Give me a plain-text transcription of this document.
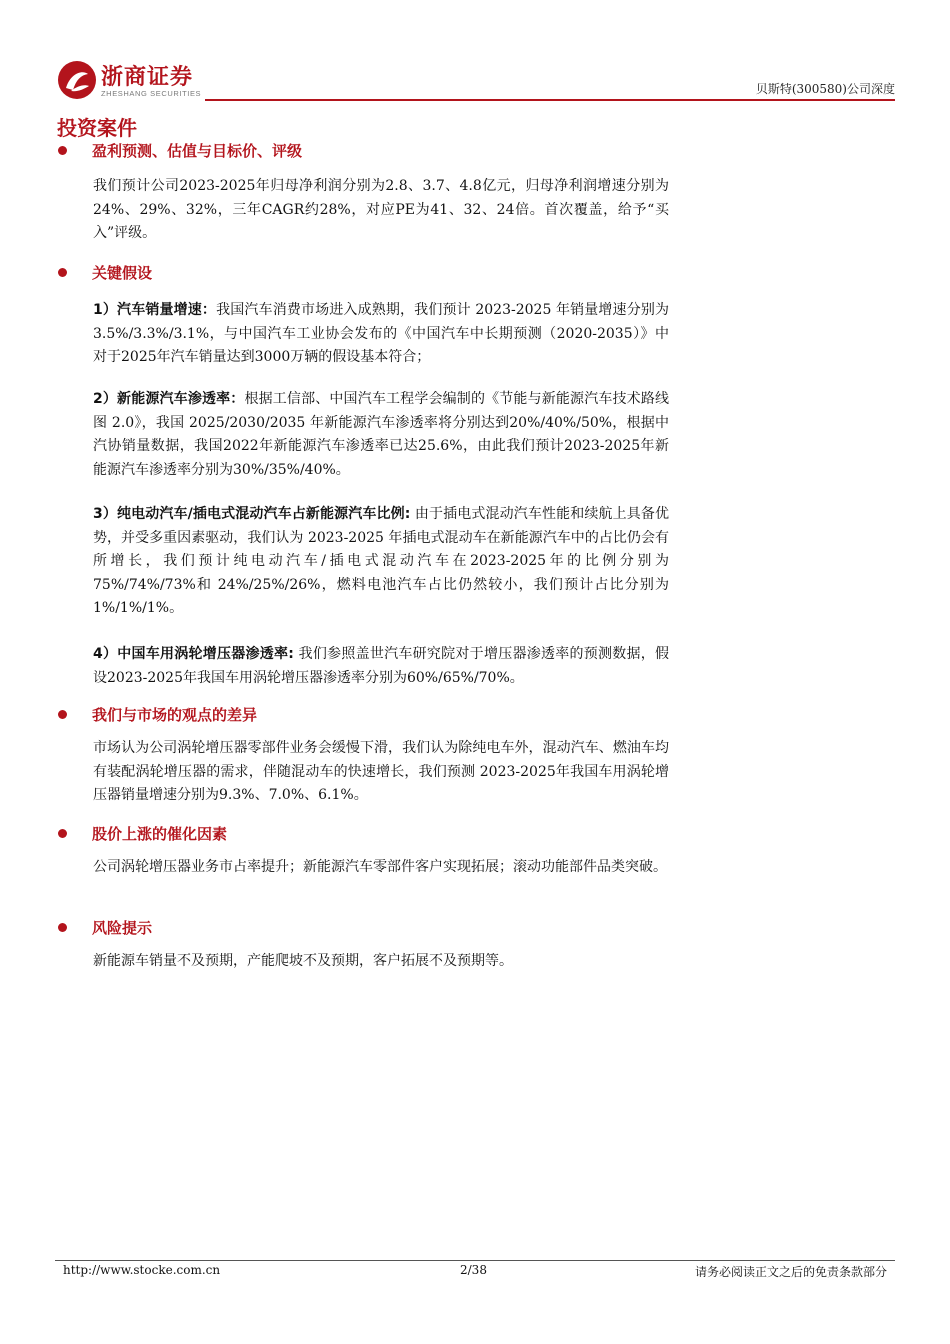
浙商证券
ZHESHANG SECURITIES	贝斯特(300580)公司深度
投资案件
盈利预测、估值与目标价、评级
我们预计公司2023-2025年归母净利润分别为2.8、3.7、4.8亿元，归母净利润增速分别为24%、29%、32%，三年CAGR约28%，对应PE为41、32、24倍。首次覆盖，给予“买入”评级。
关键假设
1）汽车销量增速：我国汽车消费市场进入成熟期，我们预计 2023-2025 年销量增速分别为 3.5%/3.3%/3.1%，与中国汽车工业协会发布的《中国汽车中长期预测（2020-2035）》中对于2025年汽车销量达到3000万辆的假设基本符合；
2）新能源汽车渗透率：根据工信部、中国汽车工程学会编制的《节能与新能源汽车技术路线图 2.0》，我国 2025/2030/2035 年新能源汽车渗透率将分别达到20%/40%/50%，根据中汽协销量数据，我国2022年新能源汽车渗透率已达25.6%，由此我们预计2023-2025年新能源汽车渗透率分别为30%/35%/40%。
3）纯电动汽车/插电式混动汽车占新能源汽车比例: 由于插电式混动汽车性能和续航上具备优势，并受多重因素驱动，我们认为 2023-2025 年插电式混动车在新能源汽车中的占比仍会有所增长，我们预计纯电动汽车/插电式混动汽车在2023-2025年的比例分别为 75%/74%/73%和 24%/25%/26%，燃料电池汽车占比仍然较小，我们预计占比分别为1%/1%/1%。
4）中国车用涡轮增压器渗透率: 我们参照盖世汽车研究院对于增压器渗透率的预测数据，假设2023-2025年我国车用涡轮增压器渗透率分别为60%/65%/70%。
我们与市场的观点的差异
市场认为公司涡轮增压器零部件业务会缓慢下滑，我们认为除纯电车外，混动汽车、燃油车均有装配涡轮增压器的需求，伴随混动车的快速增长，我们预测 2023-2025年我国车用涡轮增压器销量增速分别为9.3%、7.0%、6.1%。
股价上涨的催化因素
公司涡轮增压器业务市占率提升；新能源汽车零部件客户实现拓展；滚动功能部件品类突破。
风险提示
新能源车销量不及预期，产能爬坡不及预期，客户拓展不及预期等。
http://www.stocke.com.cn	2/38	请务必阅读正文之后的免责条款部分
